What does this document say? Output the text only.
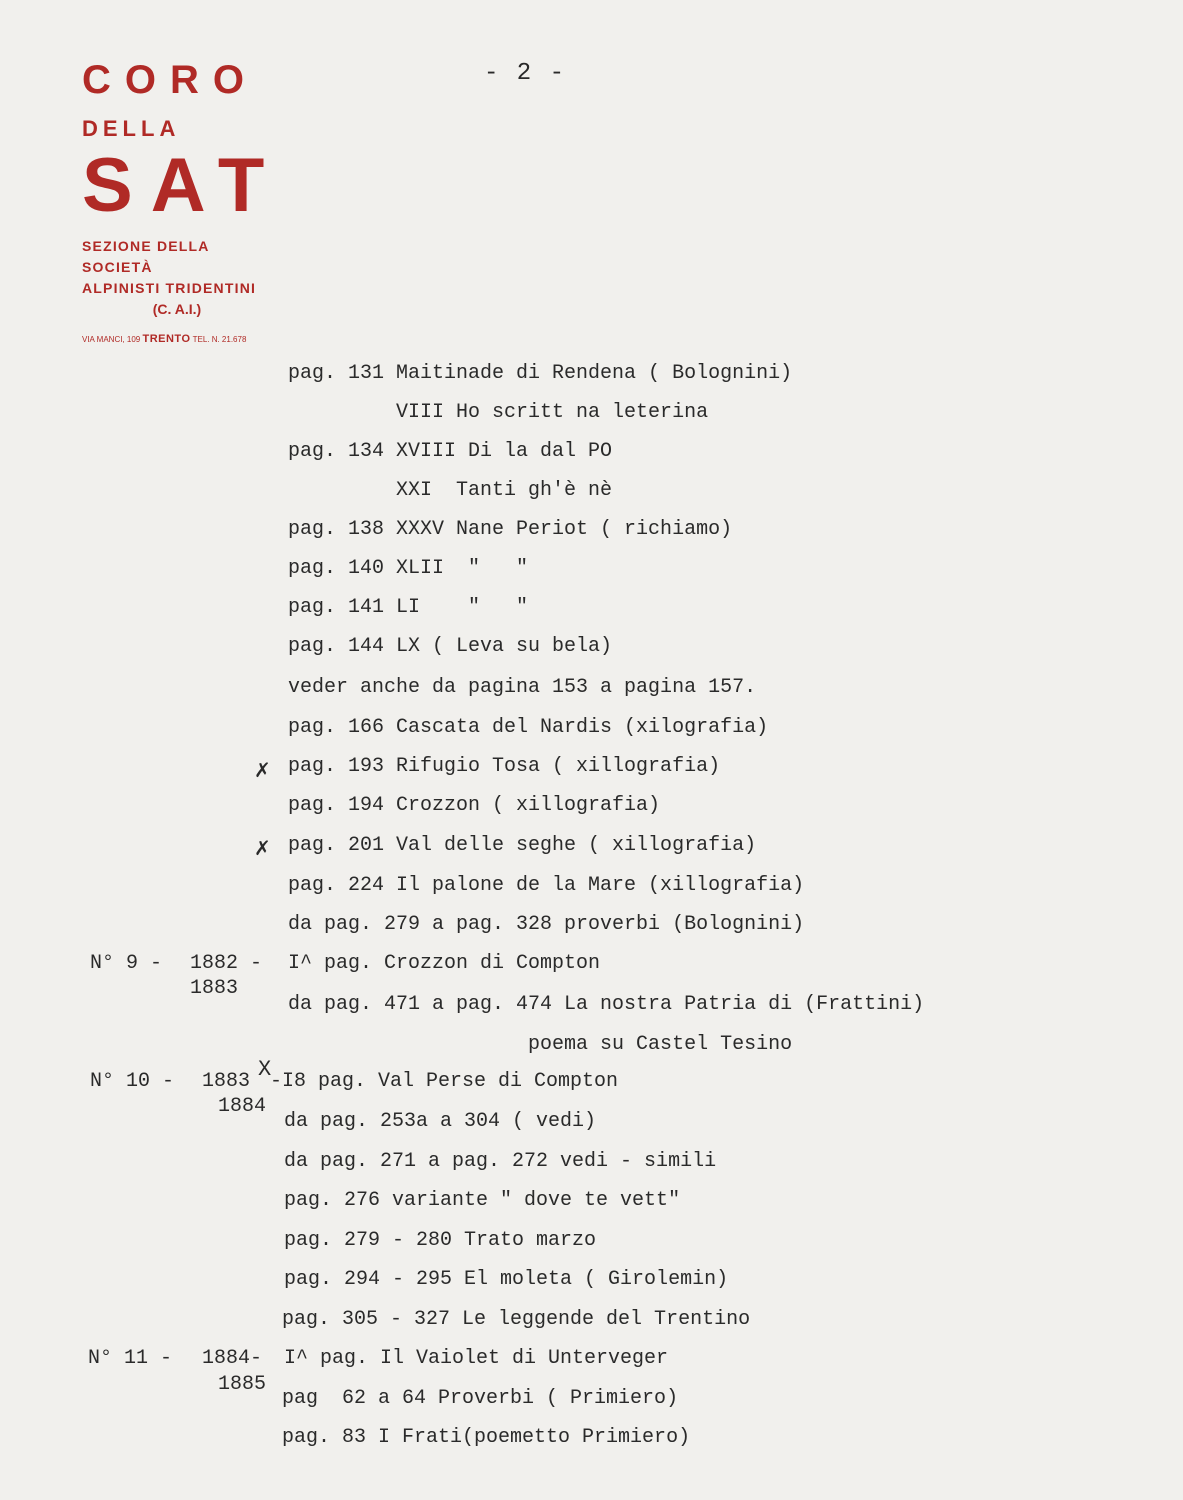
CORO
DELLA
SAT
SEZIONE DELLA SOCIETÀ
ALPINISTI TRIDENTINI
(C. A.I.)
VIA MANCI, 109 TRENTO TEL. N. 21.678
- 2 -
pag. 131 Maitinade di Rendena ( Bolognini)
VIII Ho scritt na leterina
pag. 134 XVIII Di la dal PO
XXI  Tanti gh'è nè
pag. 138 XXXV Nane Periot ( richiamo)
pag. 140 XLII  "   "
pag. 141 LI    "   "
pag. 144 LX ( Leva su bela)
veder anche da pagina 153 a pagina 157.
pag. 166 Cascata del Nardis (xilografia)
✗ pag. 193 Rifugio Tosa ( xillografia)
pag. 194 Crozzon ( xillografia)
✗ pag. 201 Val delle seghe ( xillografia)
pag. 224 Il palone de la Mare (xillografia)
da pag. 279 a pag. 328 proverbi (Bolognini)
N° 9 - 1882 -
1883
I^ pag. Crozzon di Compton
da pag. 471 a pag. 474 La nostra Patria di (Frattini)
poema su Castel Tesino
N° 10 - 1883 X
1884
-I8 pag. Val Perse di Compton
da pag. 253a a 304 ( vedi)
da pag. 271 a pag. 272 vedi - simili
pag. 276 variante " dove te vett"
pag. 279 - 280 Trato marzo
pag. 294 - 295 El moleta ( Girolemin)
pag. 305 - 327 Le leggende del Trentino
N° 11 - 1884-
1885
I^ pag. Il Vaiolet di Unterveger
pag  62 a 64 Proverbi ( Primiero)
pag. 83 I Frati(poemetto Primiero)
